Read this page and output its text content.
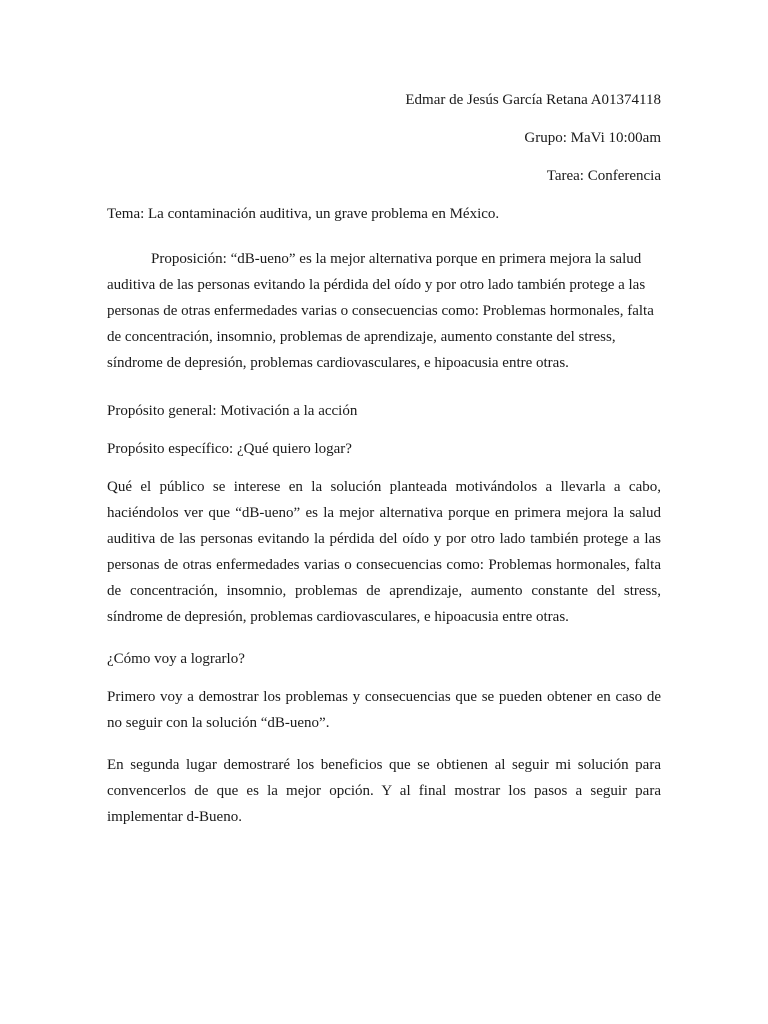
Edmar de Jesús García Retana A01374118
Grupo: MaVi 10:00am
Tarea: Conferencia
Tema: La contaminación auditiva, un grave problema en México.

Proposición: “dB-ueno” es la mejor alternativa porque en primera mejora la salud auditiva de las personas evitando la pérdida del oído y por otro lado también protege a las personas de otras enfermedades varias o consecuencias como: Problemas hormonales, falta de concentración, insomnio, problemas de aprendizaje, aumento constante del stress, síndrome de depresión, problemas cardiovasculares, e hipoacusia entre otras.

Propósito general: Motivación a la acción
Propósito específico: ¿Qué quiero logar?

Qué el público se interese en la solución planteada motivándolos a llevarla a cabo, haciéndolos ver que “dB-ueno” es la mejor alternativa porque en primera mejora la salud auditiva de las personas evitando la pérdida del oído y por otro lado también protege a las personas de otras enfermedades varias o consecuencias como: Problemas hormonales, falta de concentración, insomnio, problemas de aprendizaje, aumento constante del stress, síndrome de depresión, problemas cardiovasculares, e hipoacusia entre otras.

¿Cómo voy a lograrlo?

Primero voy a demostrar los problemas y consecuencias que se pueden obtener en caso de no seguir con la solución “dB-ueno”.

En segunda lugar demostraré los beneficios que se obtienen al seguir mi solución para convencerlos de que es la mejor opción. Y al final mostrar los pasos a seguir para implementar d-Bueno.
